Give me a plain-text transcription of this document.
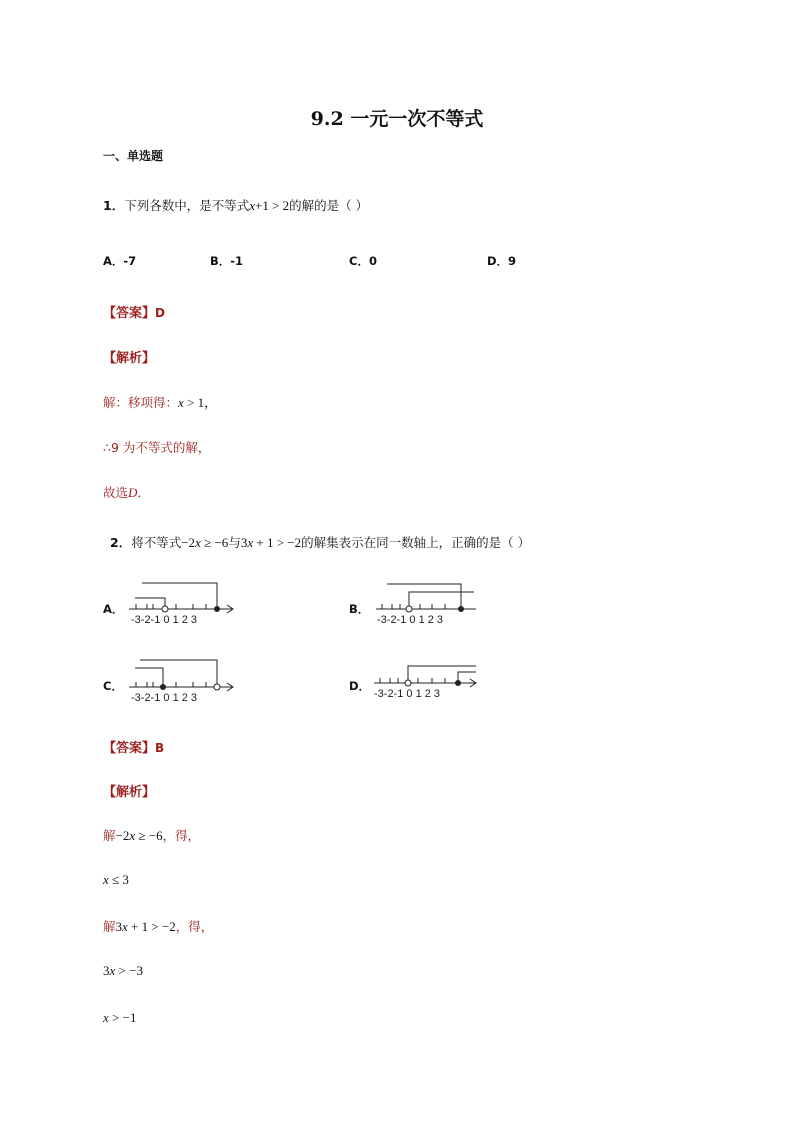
9.2 一元一次不等式
一、单选题
1．下列各数中，是不等式x+1 > 2的解的是（ ）
A．-7	B．-1	C．0	D．9
【答案】D
【解析】
解：移项得：x > 1，
∴9 为不等式的解，
故选D．
2．将不等式−2x ≥ −6与3x + 1 > −2的解集表示在同一数轴上，正确的是（ ）
A．
-3-2-1 0 1 2 3
B．
-3-2-1 0 1 2 3
C．
-3-2-1 0 1 2 3
D．
-3-2-1 0 1 2 3
【答案】B
【解析】
解−2x ≥ −6，得，
x ≤ 3
解3x + 1 > −2，得，
3x > −3
x > −1
